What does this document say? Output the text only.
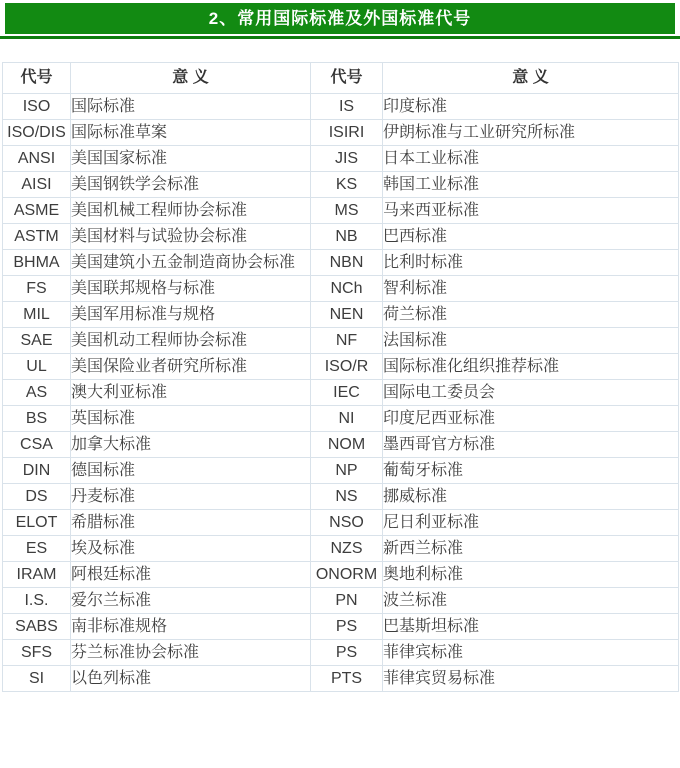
2、常用国际标准及外国标准代号
代号	意 义	代号	意 义
ISO	国际标准	IS	印度标准
ISO/DIS	国际标准草案	ISIRI	伊朗标准与工业研究所标准
ANSI	美国国家标准	JIS	日本工业标准
AISI	美国钢铁学会标准	KS	韩国工业标准
ASME	美国机械工程师协会标准	MS	马来西亚标准
ASTM	美国材料与试验协会标准	NB	巴西标准
BHMA	美国建筑小五金制造商协会标准	NBN	比利时标准
FS	美国联邦规格与标准	NCh	智利标准
MIL	美国军用标准与规格	NEN	荷兰标准
SAE	美国机动工程师协会标准	NF	法国标准
UL	美国保险业者研究所标准	ISO/R	国际标准化组织推荐标准
AS	澳大利亚标准	IEC	国际电工委员会
BS	英国标准	NI	印度尼西亚标准
CSA	加拿大标准	NOM	墨西哥官方标准
DIN	德国标准	NP	葡萄牙标准
DS	丹麦标准	NS	挪威标准
ELOT	希腊标准	NSO	尼日利亚标准
ES	埃及标准	NZS	新西兰标准
IRAM	阿根廷标准	ONORM	奥地利标准
I.S.	爱尔兰标准	PN	波兰标准
SABS	南非标准规格	PS	巴基斯坦标准
SFS	芬兰标准协会标准	PS	菲律宾标准
SI	以色列标准	PTS	菲律宾贸易标准
